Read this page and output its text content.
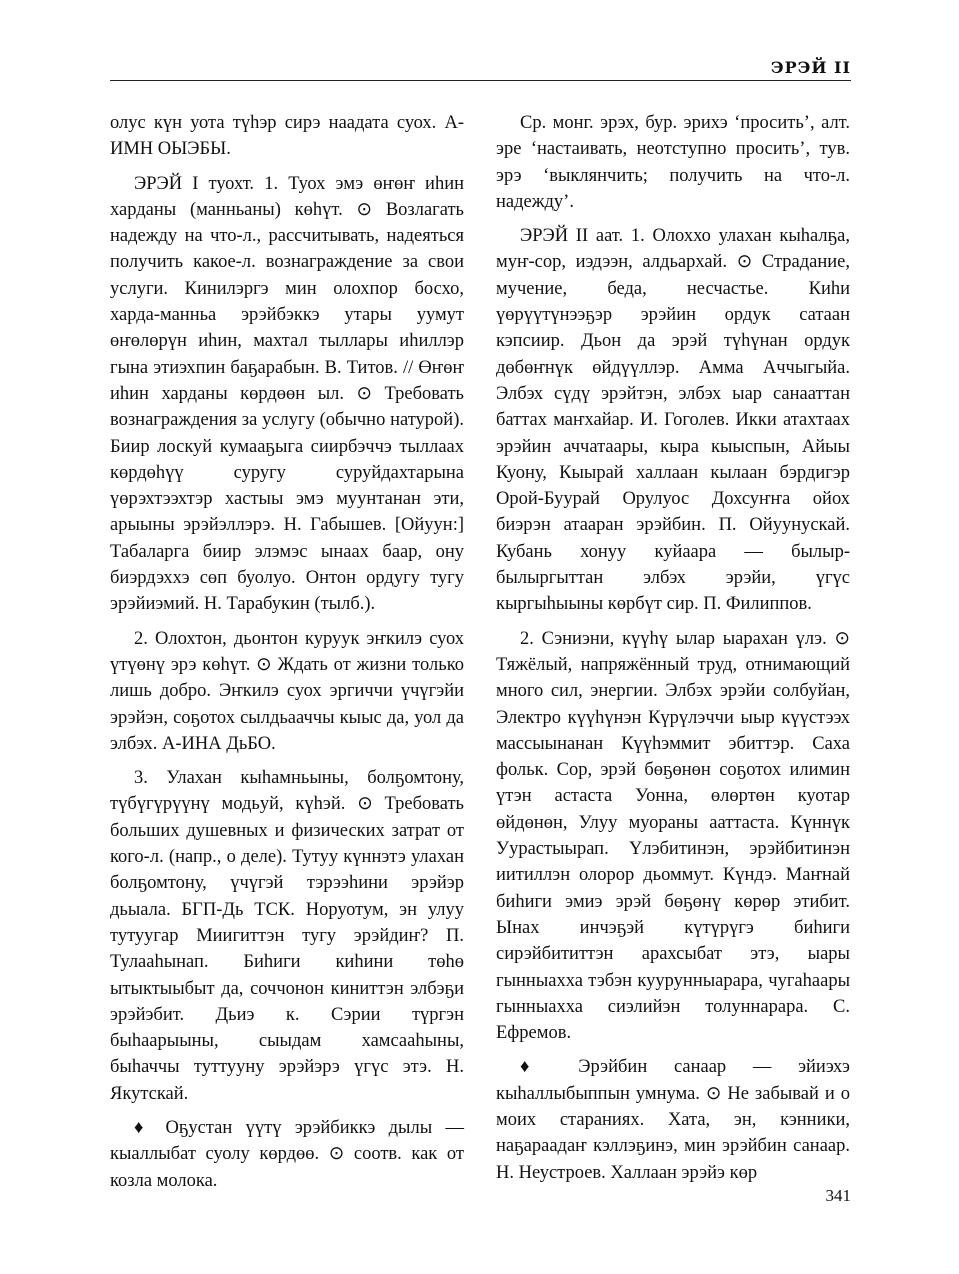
ЭРЭЙ II

олус күн уота түһэр сирэ наадата суох. А-ИМН ОЫЭБЫ.

ЭРЭЙ I туохт. 1. Туох эмэ өҥөҥ иһин харданы (манньаны) көһүт. ⊙ Возлагать надежду на что-л., рассчитывать, надеяться получить какое-л. вознаграждение за свои услуги. Кинилэргэ мин олохпор босхо, харда-манньа эрэйбэккэ утары уумут өҥөлөрүн иһин, махтал тыллары иһиллэр гына этиэхпин баҕарабын. В. Титов. // Өҥөҥ иһин харданы көрдөөн ыл. ⊙ Требовать вознаграждения за услугу (обычно натурой). Биир лоскуй кумааҕыга сиирбэччэ тыллаах көрдөһүү суругу суруйдахтарына үөрэхтээхтэр хастыы эмэ муунтанан эти, арыыны эрэйэллэрэ. Н. Габышев. [Ойуун:] Табаларга биир элэмэс ынаах баар, ону биэрдэххэ сөп буолуо. Онтон ордугу тугу эрэйиэмий. Н. Тарабукин (тылб.).

2. Олохтон, дьонтон куруук эҥкилэ суох үтүөнү эрэ көһүт. ⊙ Ждать от жизни только лишь добро. Эҥкилэ суох эргиччи үчүгэйи эрэйэн, соҕотох сылдьааччы кыыс да, уол да элбэх. А-ИНА ДьБО.

3. Улахан кыһамньыны, болҕомтону, түбүгүрүүнү модьуй, күһэй. ⊙ Требовать больших душевных и физических затрат от кого-л. (напр., о деле). Тутуу күннэтэ улахан болҕомтону, үчүгэй тэрээһини эрэйэр дьыала. БГП-Дь ТСК. Норуотум, эн улуу тутуугар Миигиттэн тугу эрэйдиҥ? П. Тулааһынап. Биһиги киһини төһө ытыктыыбыт да, соччонон киниттэн элбэҕи эрэйэбит. Дьиэ к. Сэрии түргэн быһаарыыны, сыыдам хамсааһыны, быһаччы туттууну эрэйэрэ үгүс этэ. Н. Якутскай.

♦ Оҕустан үүтү эрэйбиккэ дылы — кыаллыбат суолу көрдөө. ⊙ соотв. как от козла молока.

Ср. монг. эрэх, бур. эрихэ ‘просить’, алт. эре ‘настаивать, неотступно просить’, тув. эрэ ‘выклянчить; получить на что-л. надежду’.

ЭРЭЙ II аат. 1. Олоххо улахан кыһалҕа, муҥ-сор, иэдээн, алдьархай. ⊙ Страдание, мучение, беда, несчастье. Киһи үөрүүтүнээҕэр эрэйин ордук сатаан кэпсиир. Дьон да эрэй түһүнан ордук дөбөҥнүк өйдүүллэр. Амма Аччыгыйа. Элбэх сүдү эрэйтэн, элбэх ыар санааттан баттах маҥхайар. И. Гоголев. Икки атахтаах эрэйин аччатаары, кыра кыыспын, Айыы Куону, Кыырай халлаан кылаан бэрдигэр Орой-Буурай Орулуос Дохсуҥҥа ойох биэрэн атааран эрэйбин. П. Ойуунускай. Кубань хонуу куйаара — былыр-былыргыттан элбэх эрэйи, үгүс кыргыһыыны көрбүт сир. П. Филиппов.

2. Сэниэни, күүһү ылар ыарахан үлэ. ⊙ Тяжёлый, напряжённый труд, отнимающий много сил, энергии. Элбэх эрэйи солбуйан, Электро күүһүнэн Күрүлэччи ыыр күүстээх массыынанан Күүһэммит эбиттэр. Саха фольк. Сор, эрэй бөҕөнөн соҕотох илимин үтэн астаста Уонна, өлөртөн куотар өйдөнөн, Улуу муораны ааттаста. Күннүк Уурастыырап. Үлэбитинэн, эрэйбитинэн иитиллэн олорор дьоммут. Күндэ. Маҥнай биһиги эмиэ эрэй бөҕөнү көрөр этибит. Ынах инчэҕэй күтүрүгэ биһиги сирэйбититтэн арахсыбат этэ, ыары гынныахха тэбэн куурунныарара, чугаһаары гынныахха сиэлийэн толуннарара. С. Ефремов.

♦ Эрэйбин санаар — эйиэхэ кыһаллыбыппын умнума. ⊙ Не забывай и о моих стараниях. Хата, эн, кэнники, наҕараадаҥ кэллэҕинэ, мин эрэйбин санаар. Н. Неустроев. Халлаан эрэйэ көр

341
